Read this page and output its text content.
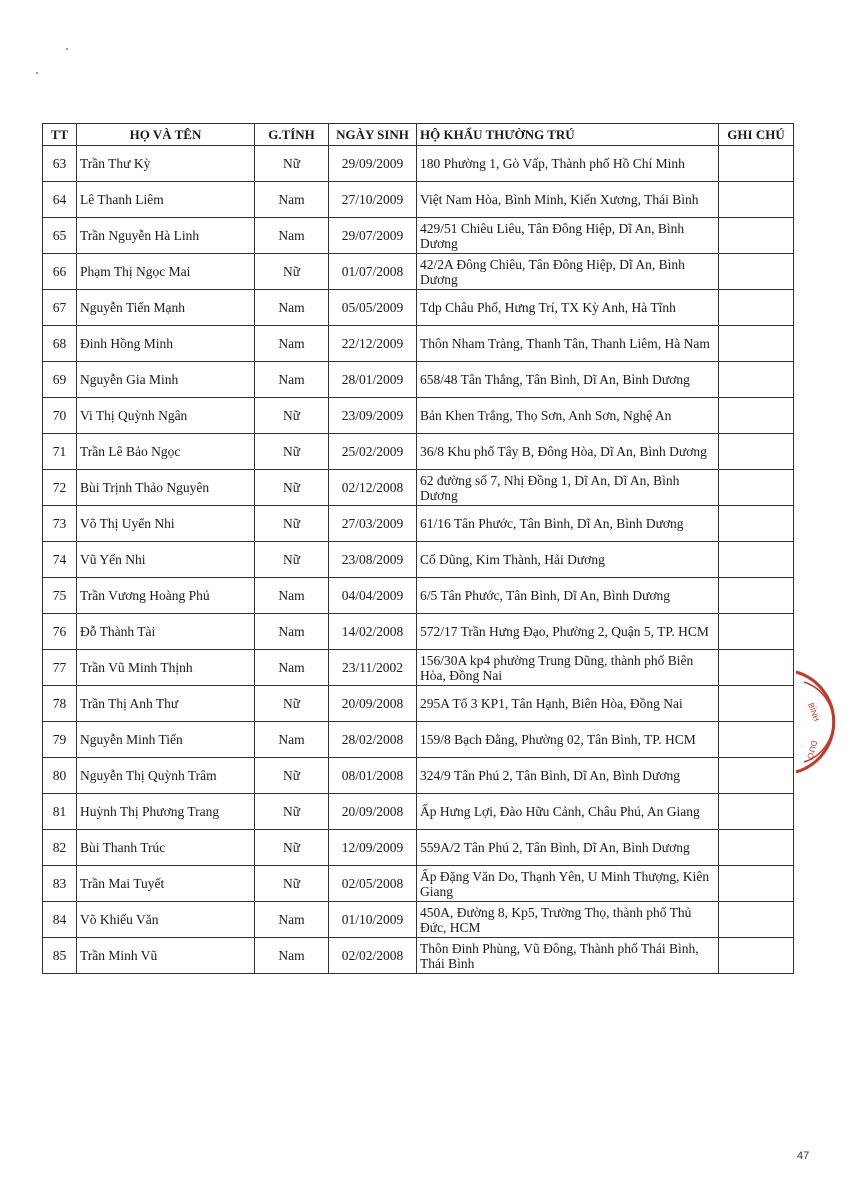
TT	HỌ VÀ TÊN	G.TÍNH	NGÀY SINH	HỘ KHẨU THƯỜNG TRÚ	GHI CHÚ
63	Trần Thư Kỳ	Nữ	29/09/2009	180 Phường 1, Gò Vấp, Thành phố Hồ Chí Minh	
64	Lê Thanh Liêm	Nam	27/10/2009	Việt Nam Hòa, Bình Minh, Kiến Xương, Thái Bình	
65	Trần Nguyễn Hà Linh	Nam	29/07/2009	429/51 Chiêu Liêu, Tân Đông Hiệp, Dĩ An, Bình Dương	
66	Phạm Thị Ngọc Mai	Nữ	01/07/2008	42/2A Đông Chiêu, Tân Đông Hiệp, Dĩ An, Bình Dương	
67	Nguyễn Tiến Mạnh	Nam	05/05/2009	Tdp Châu Phố, Hưng Trí, TX Kỳ Anh, Hà Tĩnh	
68	Đinh Hồng Minh	Nam	22/12/2009	Thôn Nham Tràng, Thanh Tân, Thanh Liêm, Hà Nam	
69	Nguyễn Gia Minh	Nam	28/01/2009	658/48 Tân Thắng, Tân Bình, Dĩ An, Bình Dương	
70	Vi Thị Quỳnh Ngân	Nữ	23/09/2009	Bản Khen Trắng, Thọ Sơn, Anh Sơn, Nghệ An	
71	Trần Lê Bảo Ngọc	Nữ	25/02/2009	36/8 Khu phố Tây B, Đông Hòa, Dĩ An, Bình Dương	
72	Bùi Trịnh Thảo Nguyên	Nữ	02/12/2008	62 đường số 7, Nhị Đồng 1, Dĩ An, Dĩ An, Bình Dương	
73	Võ Thị Uyển Nhi	Nữ	27/03/2009	61/16 Tân Phước, Tân Bình, Dĩ An, Bình Dương	
74	Vũ Yến Nhi	Nữ	23/08/2009	Cổ Dũng, Kim Thành, Hải Dương	
75	Trần Vương Hoàng Phú	Nam	04/04/2009	6/5 Tân Phước, Tân Bình, Dĩ An, Bình Dương	
76	Đỗ Thành Tài	Nam	14/02/2008	572/17 Trần Hưng Đạo, Phường 2, Quận 5, TP. HCM	
77	Trần Vũ Minh Thịnh	Nam	23/11/2002	156/30A kp4 phường Trung Dũng, thành phố Biên Hòa, Đồng Nai	
78	Trần Thị Anh Thư	Nữ	20/09/2008	295A Tổ 3 KP1, Tân Hạnh, Biên Hòa, Đồng Nai	
79	Nguyễn Minh Tiến	Nam	28/02/2008	159/8 Bạch Đằng, Phường 02, Tân Bình, TP. HCM	
80	Nguyễn Thị Quỳnh Trâm	Nữ	08/01/2008	324/9 Tân Phú 2, Tân Bình, Dĩ An, Bình Dương	
81	Huỳnh Thị Phương Trang	Nữ	20/09/2008	Ấp Hưng Lợi, Đào Hữu Cảnh, Châu Phú, An Giang	
82	Bùi Thanh Trúc	Nữ	12/09/2009	559A/2 Tân Phú 2, Tân Bình, Dĩ An, Bình Dương	
83	Trần Mai Tuyết	Nữ	02/05/2008	Ấp Đặng Văn Do, Thạnh Yên, U Minh Thượng, Kiên Giang	
84	Võ Khiếu Văn	Nam	01/10/2009	450A, Đường 8, Kp5, Trường Thọ, thành phố Thủ Đức, HCM	
85	Trần Minh Vũ	Nam	02/02/2008	Thôn Đinh Phùng, Vũ Đông, Thành phố Thái Bình, Thái Bình	
BÌNH
DƯƠ
47
